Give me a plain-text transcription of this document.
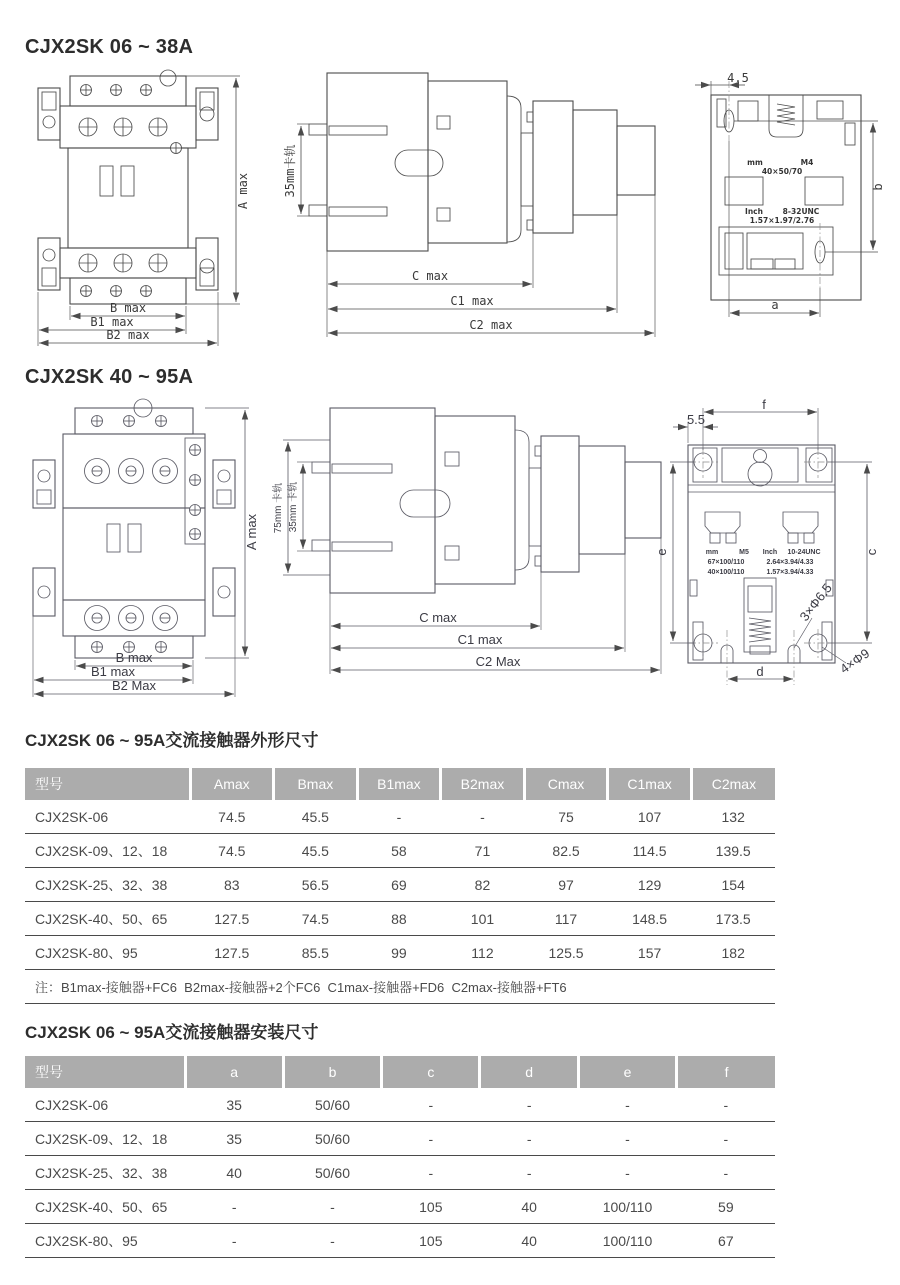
CJX2SK 06 ~ 38A
A max
B max
B1 max
B2 max
35mm卡轨
C max
C1 max
C2 max
mm	M4
40×50/70
Inch	8-32UNC
1.57×1.97/2.76
4.5
b
a
CJX2SK 40 ~ 95A
A max
B max
B1 max
B2 Max
35mm 卡轨
75mm 卡轨
C max
C1 max
C2 Max
mm	M5 Inch 10-24UNC
67×100/110	2.64×3.94/4.33
40×100/110	1.57×3.94/4.33
f
5.5
e	c
d
3×Φ6.5
4×Φ9
CJX2SK 06 ~ 95A交流接触器外形尺寸
型号	Amax	Bmax	B1max	B2max	Cmax	C1max	C2max
CJX2SK-06	74.5	45.5	-	-	75	107	132
CJX2SK-09、12、18	74.5	45.5	58	71	82.5	114.5	139.5
CJX2SK-25、32、38	83	56.5	69	82	97	129	154
CJX2SK-40、50、65	127.5	74.5	88	101	117	148.5	173.5
CJX2SK-80、95	127.5	85.5	99	112	125.5	157	182
注：B1max-接触器+FC6  B2max-接触器+2个FC6  C1max-接触器+FD6  C2max-接触器+FT6							
CJX2SK 06 ~ 95A交流接触器安装尺寸
型号	a	b	c	d	e	f
CJX2SK-06	35	50/60	-	-	-	-
CJX2SK-09、12、18	35	50/60	-	-	-	-
CJX2SK-25、32、38	40	50/60	-	-	-	-
CJX2SK-40、50、65	-	-	105	40	100/110	59
CJX2SK-80、95	-	-	105	40	100/110	67
